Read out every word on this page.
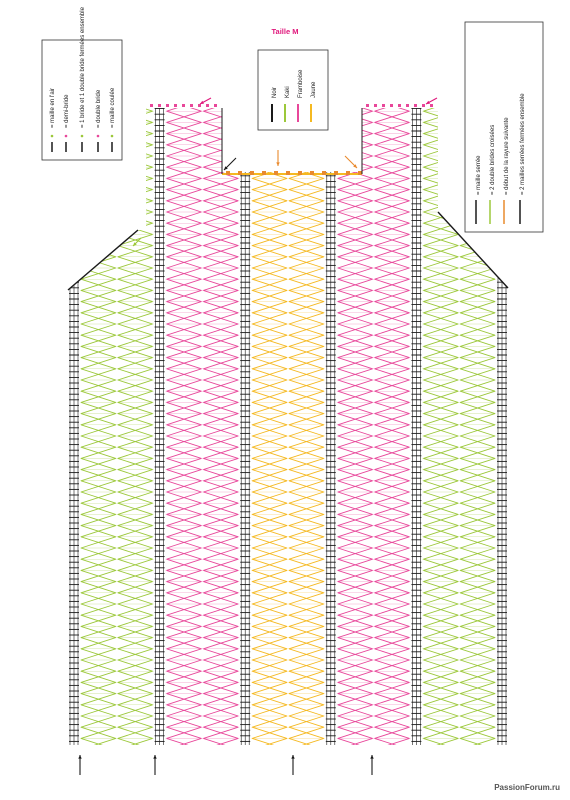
Taille M
= maille en l'air = demi-bride = 1 bride et 1 double bride fermées ensemble = double bride = maille coulée	Noir Kaki Framboise Jaune
= maille serrée = 2 double brides croisées = début de la rayure suivante = 2 mailles serrées fermées ensemble
PassionForum.ru
